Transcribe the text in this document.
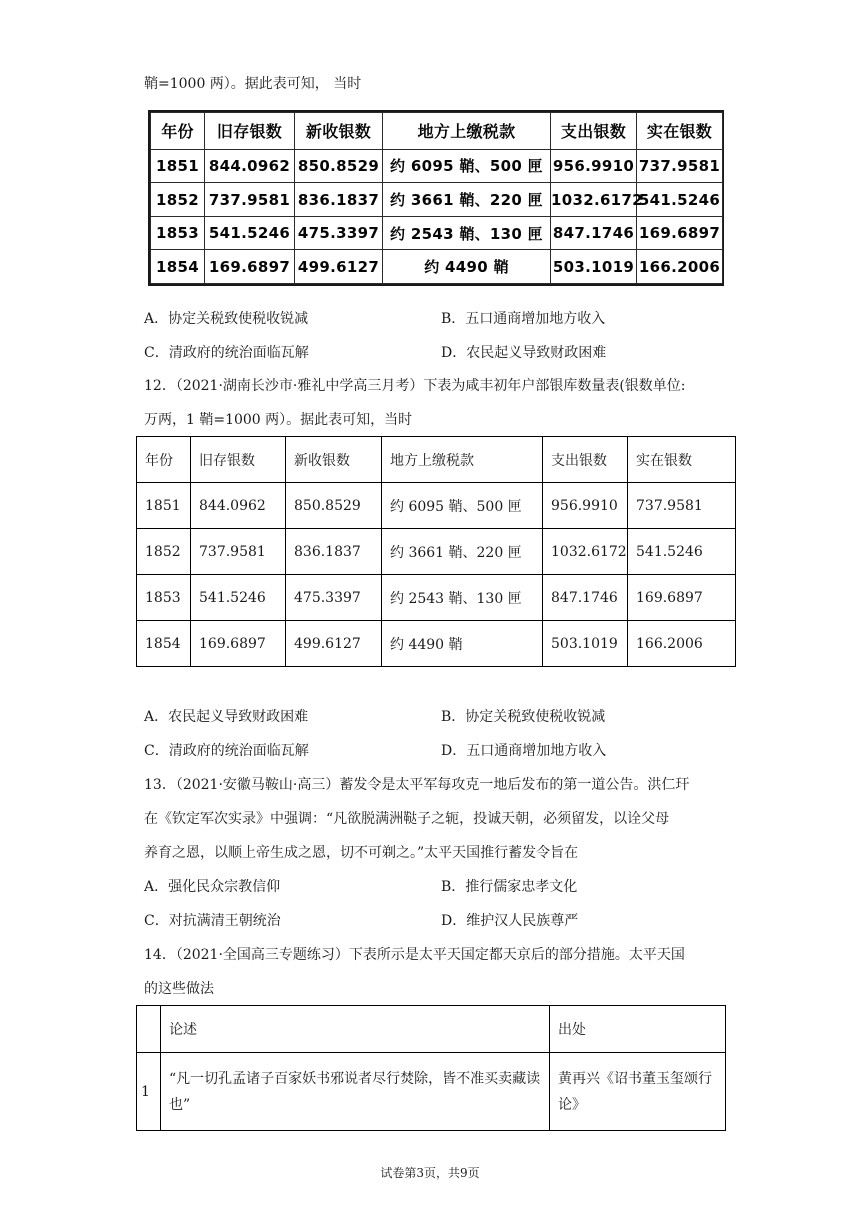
鞘=1000 两）。据此表可知， 当时
年份	旧存银数	新收银数	地方上缴税款	支出银数	实在银数
1851	844.0962	850.8529	约 6095 鞘、500 匣	956.9910	737.9581
1852	737.9581	836.1837	约 3661 鞘、220 匣	1032.6172	541.5246
1853	541.5246	475.3397	约 2543 鞘、130 匣	847.1746	169.6897
1854	169.6897	499.6127	约 4490 鞘	503.1019	166.2006
A．协定关税致使税收锐减	B．五口通商增加地方收入
C．清政府的统治面临瓦解	D．农民起义导致财政困难
12．（2021·湖南长沙市·雅礼中学高三月考）下表为咸丰初年户部银库数量表(银数单位:
万两，1 鞘=1000 两）。据此表可知，当时
年份	旧存银数	新收银数	地方上缴税款	支出银数	实在银数
1851	844.0962	850.8529	约 6095 鞘、500 匣	956.9910	737.9581
1852	737.9581	836.1837	约 3661 鞘、220 匣	1032.6172	541.5246
1853	541.5246	475.3397	约 2543 鞘、130 匣	847.1746	169.6897
1854	169.6897	499.6127	约 4490 鞘	503.1019	166.2006
A．农民起义导致财政困难	B．协定关税致使税收锐减
C．清政府的统治面临瓦解	D．五口通商增加地方收入
13．（2021·安徽马鞍山·高三）蓄发令是太平军每攻克一地后发布的第一道公告。洪仁玕
在《钦定军次实录》中强调：“凡欲脱满洲鞑子之轭，投诚天朝，必须留发，以诠父母
养育之恩，以顺上帝生成之恩，切不可剃之。”太平天国推行蓄发令旨在
A．强化民众宗教信仰	B．推行儒家忠孝文化
C．对抗满清王朝统治	D．维护汉人民族尊严
14．（2021·全国高三专题练习）下表所示是太平天国定都天京后的部分措施。太平天国
的这些做法
	论述	出处
1	“凡一切孔孟诸子百家妖书邪说者尽行焚除，皆不准买卖藏读也”	黄再兴《诏书董玉玺颂行论》
试卷第3页，共9页
